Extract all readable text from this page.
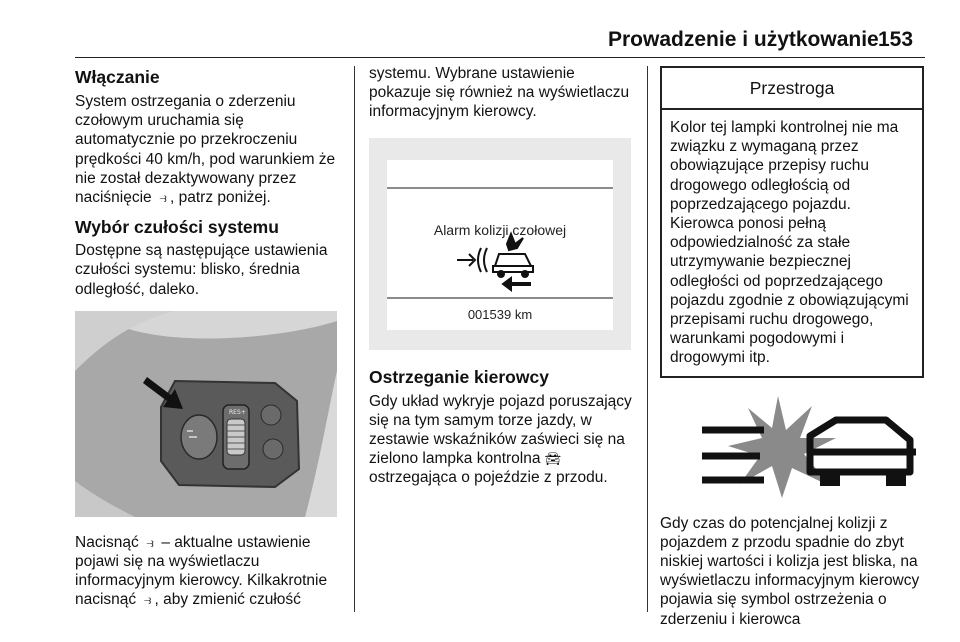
Prowadzenie i użytkowanie 153
Włączanie

System ostrzegania o zderzeniu czołowym uruchamia się automatycznie po przekroczeniu prędkości 40 km/h, pod warunkiem że nie został dezaktywowany przez naciśnięcie ⥽ , patrz poniżej.

Wybór czułości systemu

Dostępne są następujące ustawienia czułości systemu: blisko, średnia odległość, daleko.

RES+

Nacisnąć ⥽ – aktualne ustawienie pojawi się na wyświetlaczu informacyjnym kierowcy. Kilkakrotnie nacisnąć ⥽ , aby zmienić czułość

systemu. Wybrane ustawienie pokazuje się również na wyświetlaczu informacyjnym kierowcy.

Alarm kolizji czołowej
001539 km
Ostrzeganie kierowcy

Gdy układ wykryje pojazd poruszający się na tym samym torze jazdy, w zestawie wskaźników zaświeci się na zielono lampka kontrolna 🚘︎ ostrzegająca o pojeździe z przodu.

Przestroga
Kolor tej lampki kontrolnej nie ma związku z wymaganą przez obowiązujące przepisy ruchu drogowego odległością od poprzedzającego pojazdu. Kierowca ponosi pełną odpowiedzialność za stałe utrzymywanie bezpiecznej odległości od poprzedzającego pojazdu zgodnie z obowiązującymi przepisami ruchu drogowego, warunkami pogodowymi i drogowymi itp.

Gdy czas do potencjalnej kolizji z pojazdem z przodu spadnie do zbyt niskiej wartości i kolizja jest bliska, na wyświetlaczu informacyjnym kierowcy pojawia się symbol ostrzeżenia o zderzeniu i kierowca
